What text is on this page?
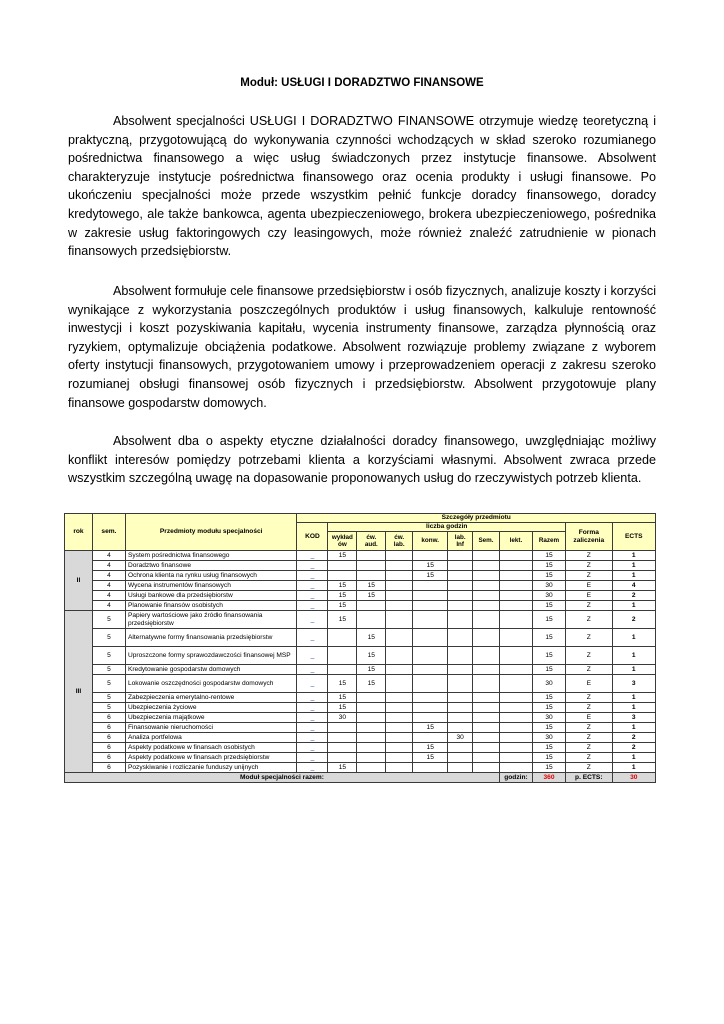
Moduł: USŁUGI I DORADZTWO FINANSOWE

Absolwent specjalności USŁUGI I DORADZTWO FINANSOWE otrzymuje wiedzę teoretyczną i praktyczną, przygotowującą do wykonywania czynności wchodzących w skład szeroko rozumianego pośrednictwa finansowego a więc usług świadczonych przez instytucje finansowe. Absolwent charakteryzuje instytucje pośrednictwa finansowego oraz ocenia produkty i usługi finansowe. Po ukończeniu specjalności może przede wszystkim pełnić funkcje doradcy finansowego, doradcy kredytowego, ale także bankowca, agenta ubezpieczeniowego, brokera ubezpieczeniowego, pośrednika w zakresie usług faktoringowych czy leasingowych, może również znaleźć zatrudnienie w pionach finansowych przedsiębiorstw.

Absolwent formułuje cele finansowe przedsiębiorstw i osób fizycznych, analizuje koszty i korzyści wynikające z wykorzystania poszczególnych produktów i usług finansowych, kalkuluje rentowność inwestycji i koszt pozyskiwania kapitału, wycenia instrumenty finansowe, zarządza płynnością oraz ryzykiem, optymalizuje obciążenia podatkowe. Absolwent rozwiązuje problemy związane z wyborem oferty instytucji finansowych, przygotowaniem umowy i przeprowadzeniem operacji z zakresu szeroko rozumianej obsługi finansowej osób fizycznych i przedsiębiorstw. Absolwent przygotowuje plany finansowe gospodarstw domowych.

Absolwent dba o aspekty etyczne działalności doradcy finansowego, uwzględniając możliwy konflikt interesów pomiędzy potrzebami klienta a korzyściami własnymi. Absolwent zwraca przede wszystkim szczególną uwagę na dopasowanie proponowanych usług do rzeczywistych potrzeb klienta.

rok	sem.	Przedmioty modułu specjalności	Szczegóły przedmiotu										
			KOD	liczba godzin								Forma zaliczenia	ECTS
				wykład ów	ćw. aud.	ćw. lab.	konw.	lab. Inf	Sem.	lekt.	Razem		
II	4	System pośrednictwa finansowego	_	15							15	Z	1
	4	Doradztwo finansowe	_				15				15	Z	1
	4	Ochrona klienta na rynku usług finansowych	_				15				15	Z	1
	4	Wycena instrumentów finansowych	_	15	15						30	E	4
	4	Usługi bankowe dla przedsiębiorstw	_	15	15						30	E	2
	4	Planowanie finansów osobistych	_	15							15	Z	1
III	5	Papiery wartościowe jako źródło finansowania przedsiębiorstw	_	15							15	Z	2
	5	Alternatywne formy finansowania przedsiębiorstw	_		15						15	Z	1
	5	Uproszczone formy sprawozdawczości finansowej MSP	_		15						15	Z	1
	5	Kredytowanie gospodarstw domowych	_		15						15	Z	1
	5	Lokowanie oszczędności gospodarstw domowych	_	15	15						30	E	3
	5	Zabezpieczenia emerytalno-rentowe	_	15							15	Z	1
	5	Ubezpieczenia życiowe	_	15							15	Z	1
	6	Ubezpieczenia majątkowe	_	30							30	E	3
	6	Finansowanie nieruchomości	_				15				15	Z	1
	6	Analiza portfelowa	_					30			30	Z	2
	6	Aspekty podatkowe w finansach osobistych	_				15				15	Z	2
	6	Aspekty podatkowe w finansach przedsiębiorstw	_				15				15	Z	1
	6	Pozyskiwanie i rozliczanie funduszy unijnych	_	15							15	Z	1
Moduł specjalności razem:										godzin:	360	p. ECTS:	30
